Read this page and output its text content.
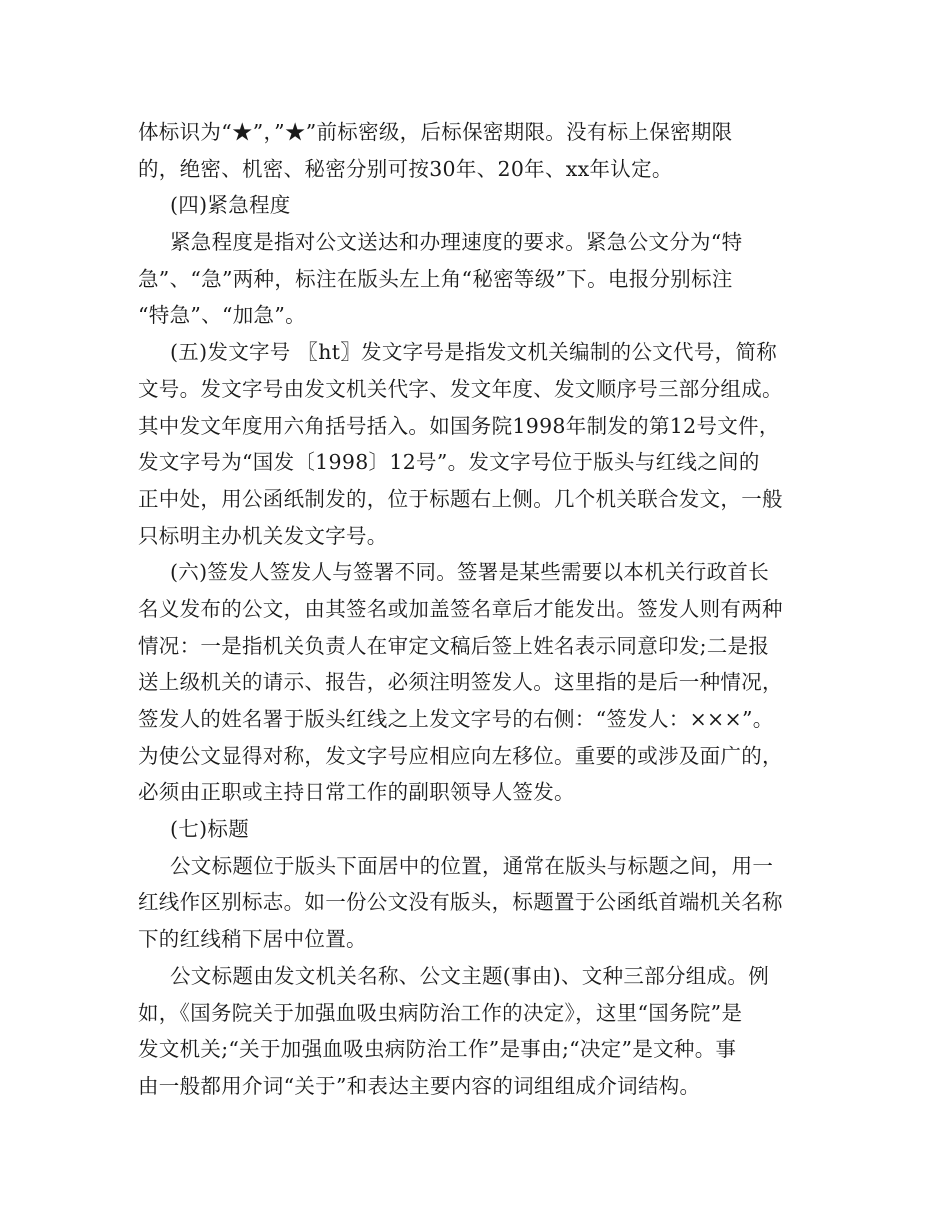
体标识为“★”，”★”前标密级，后标保密期限。没有标上保密期限
的，绝密、机密、秘密分别可按30年、20年、xx年认定。
(四)紧急程度
紧急程度是指对公文送达和办理速度的要求。紧急公文分为“特
急”、“急”两种，标注在版头左上角“秘密等级”下。电报分别标注
“特急”、“加急”。
(五)发文字号 〖ht〗发文字号是指发文机关编制的公文代号，简称
文号。发文字号由发文机关代字、发文年度、发文顺序号三部分组成。
其中发文年度用六角括号括入。如国务院1998年制发的第12号文件，
发文字号为“国发〔1998〕12号”。发文字号位于版头与红线之间的
正中处，用公函纸制发的，位于标题右上侧。几个机关联合发文，一般
只标明主办机关发文字号。
(六)签发人签发人与签署不同。签署是某些需要以本机关行政首长
名义发布的公文，由其签名或加盖签名章后才能发出。签发人则有两种
情况：一是指机关负责人在审定文稿后签上姓名表示同意印发;二是报
送上级机关的请示、报告，必须注明签发人。这里指的是后一种情况，
签发人的姓名署于版头红线之上发文字号的右侧：“签发人：×××”。
为使公文显得对称，发文字号应相应向左移位。重要的或涉及面广的，
必须由正职或主持日常工作的副职领导人签发。
(七)标题
公文标题位于版头下面居中的位置，通常在版头与标题之间，用一
红线作区别标志。如一份公文没有版头，标题置于公函纸首端机关名称
下的红线稍下居中位置。
公文标题由发文机关名称、公文主题(事由)、文种三部分组成。例
如，《国务院关于加强血吸虫病防治工作的决定》，这里“国务院”是
发文机关;“关于加强血吸虫病防治工作”是事由;“决定”是文种。事
由一般都用介词“关于”和表达主要内容的词组组成介词结构。
